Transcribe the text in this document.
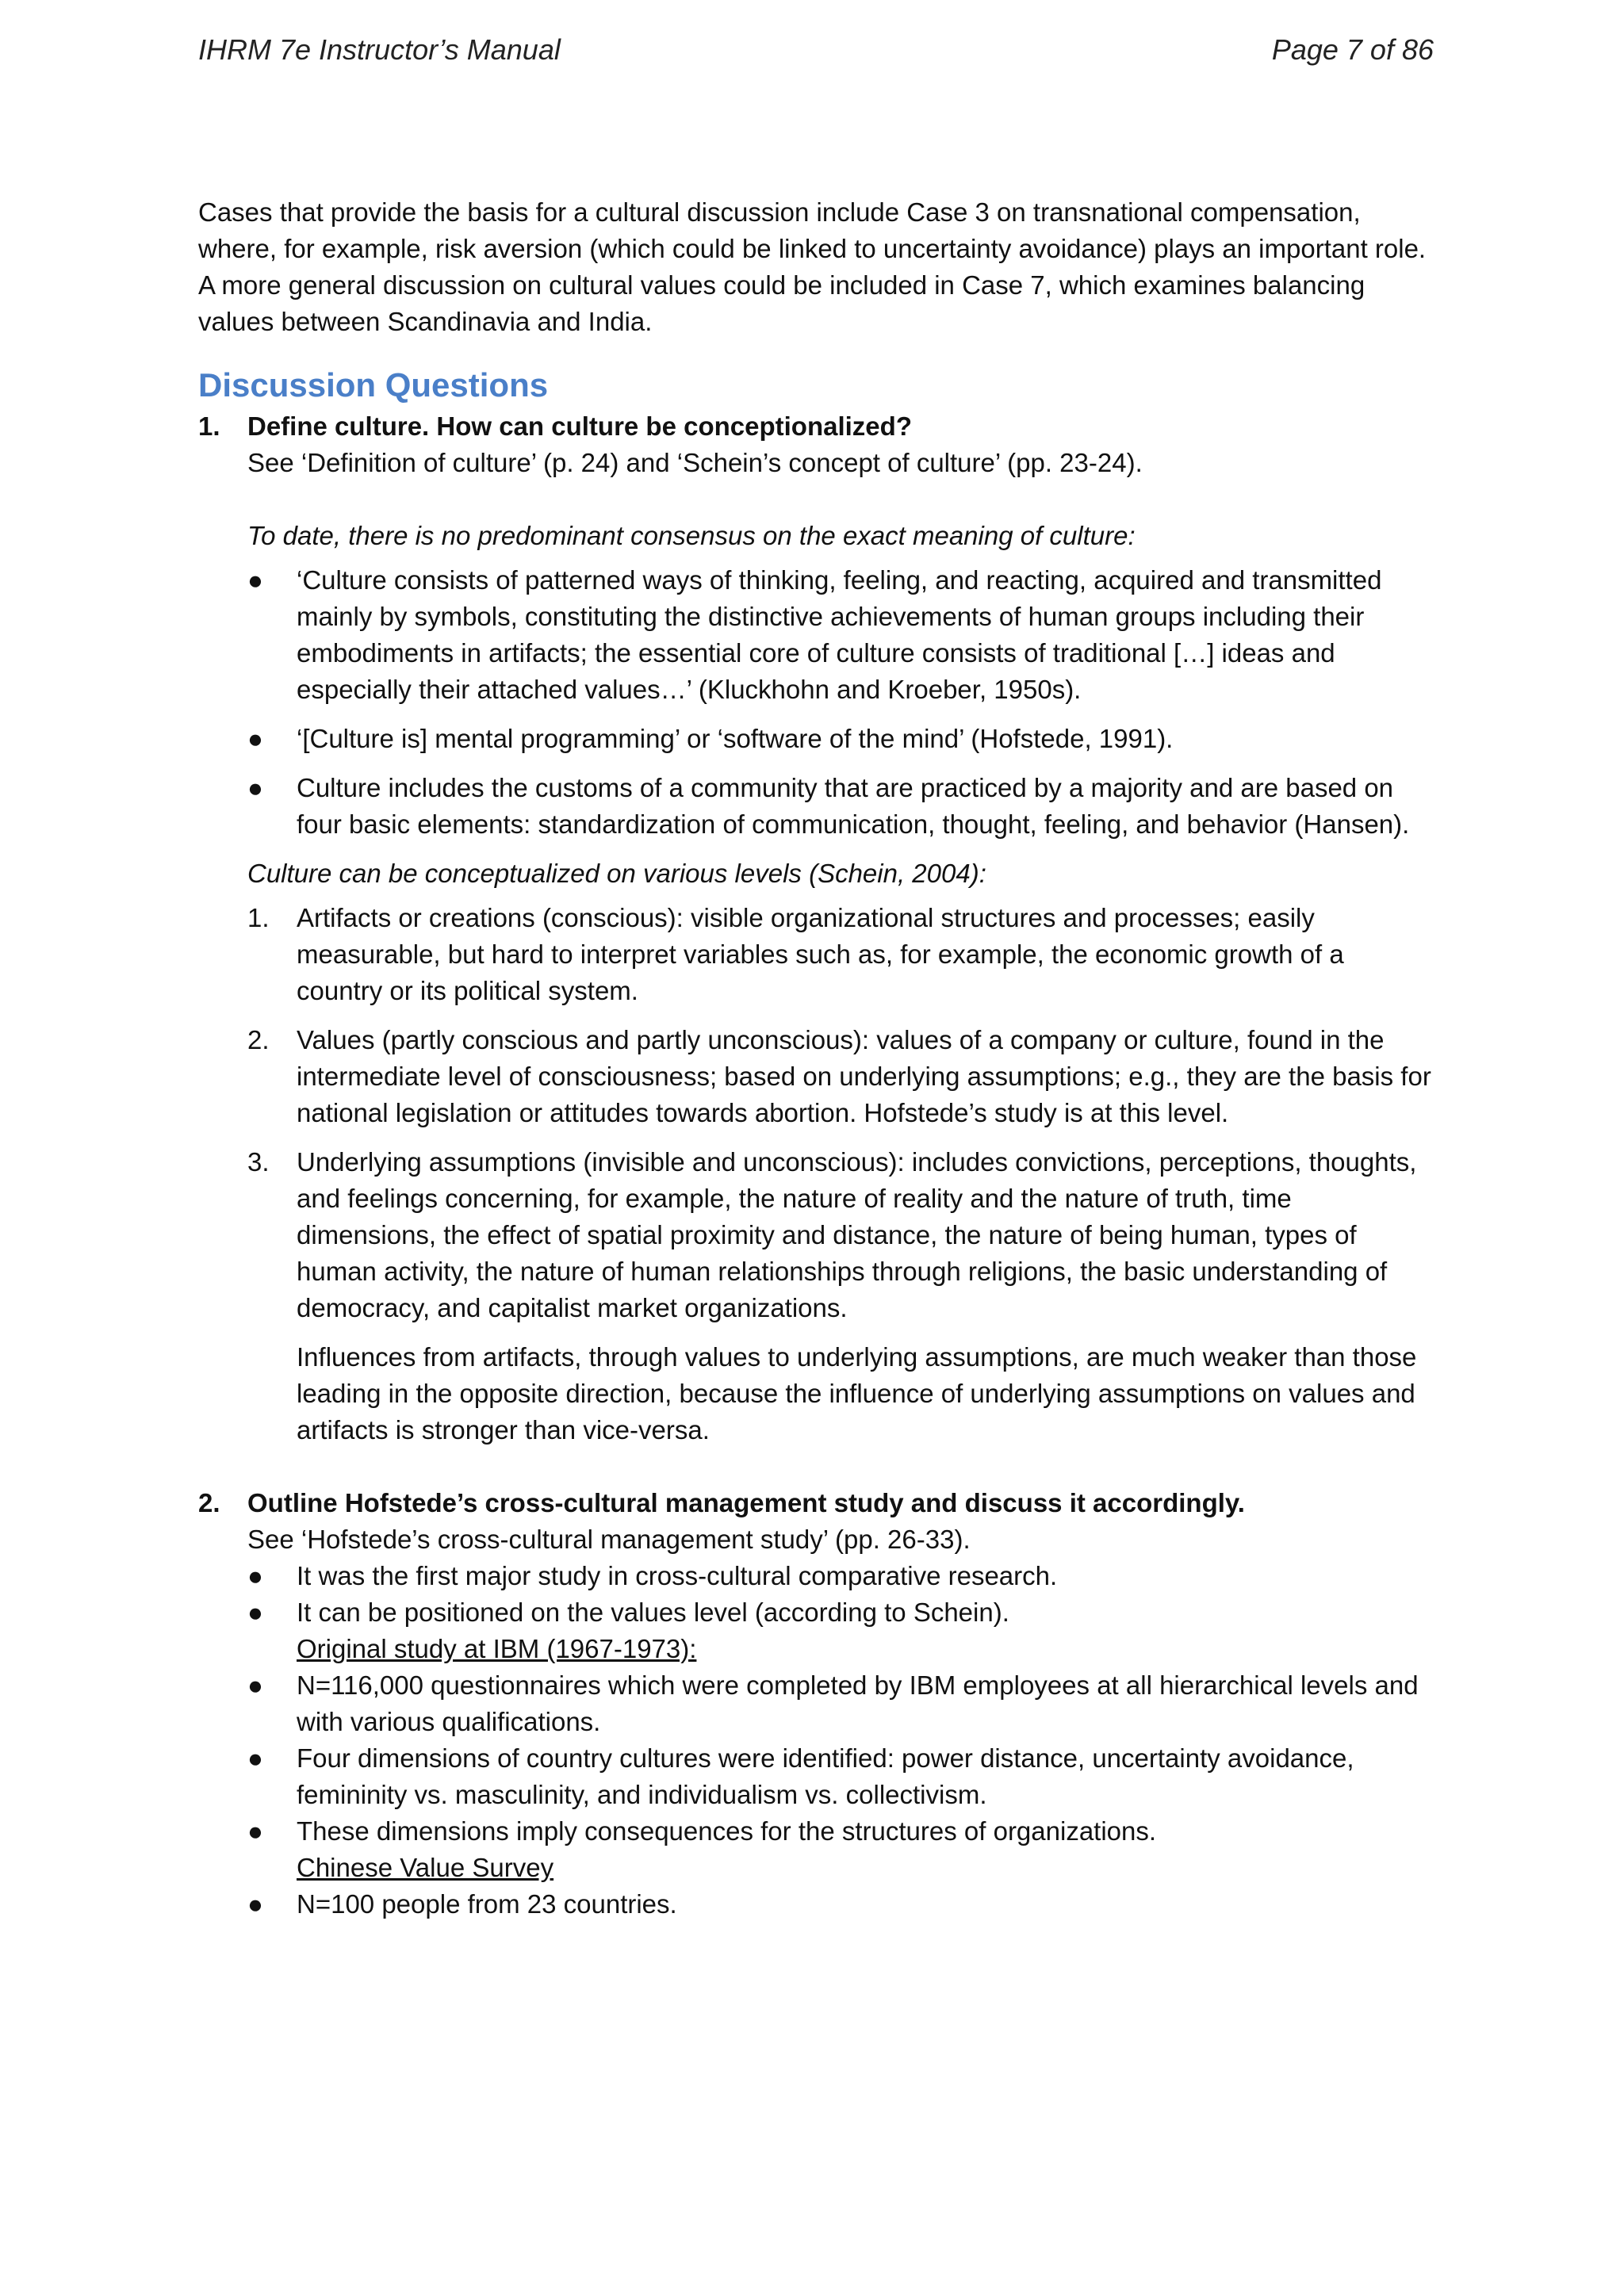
IHRM 7e Instructor’s Manual	Page 7 of 86

Cases that provide the basis for a cultural discussion include Case 3 on transnational compensation, where, for example, risk aversion (which could be linked to uncertainty avoidance) plays an important role. A more general discussion on cultural values could be included in Case 7, which examines balancing values between Scandinavia and India.

Discussion Questions
1.	Define culture. How can culture be conceptionalized?
See ‘Definition of culture’ (p. 24) and ‘Schein’s concept of culture’ (pp. 23-24).
To date, there is no predominant consensus on the exact meaning of culture:
●	‘Culture consists of patterned ways of thinking, feeling, and reacting, acquired and transmitted mainly by symbols, constituting the distinctive achievements of human groups including their embodiments in artifacts; the essential core of culture consists of traditional […] ideas and especially their attached values…’ (Kluckhohn and Kroeber, 1950s).
●	‘[Culture is] mental programming’ or ‘software of the mind’ (Hofstede, 1991).
●	Culture includes the customs of a community that are practiced by a majority and are based on four basic elements: standardization of communication, thought, feeling, and behavior (Hansen).
Culture can be conceptualized on various levels (Schein, 2004):
1.	Artifacts or creations (conscious): visible organizational structures and processes; easily measurable, but hard to interpret variables such as, for example, the economic growth of a country or its political system.
2.	Values (partly conscious and partly unconscious): values of a company or culture, found in the intermediate level of consciousness; based on underlying assumptions; e.g., they are the basis for national legislation or attitudes towards abortion. Hofstede’s study is at this level.
3.	Underlying assumptions (invisible and unconscious): includes convictions, perceptions, thoughts, and feelings concerning, for example, the nature of reality and the nature of truth, time dimensions, the effect of spatial proximity and distance, the nature of being human, types of human activity, the nature of human relationships through religions, the basic understanding of democracy, and capitalist market organizations.
Influences from artifacts, through values to underlying assumptions, are much weaker than those leading in the opposite direction, because the influence of underlying assumptions on values and artifacts is stronger than vice-versa.
2.	Outline Hofstede’s cross-cultural management study and discuss it accordingly.
See ‘Hofstede’s cross-cultural management study’ (pp. 26-33).
●	It was the first major study in cross-cultural comparative research.
●	It can be positioned on the values level (according to Schein).
Original study at IBM (1967-1973):
●	N=116,000 questionnaires which were completed by IBM employees at all hierarchical levels and with various qualifications.
●	Four dimensions of country cultures were identified: power distance, uncertainty avoidance, femininity vs. masculinity, and individualism vs. collectivism.
●	These dimensions imply consequences for the structures of organizations.
Chinese Value Survey
●	N=100 people from 23 countries.
